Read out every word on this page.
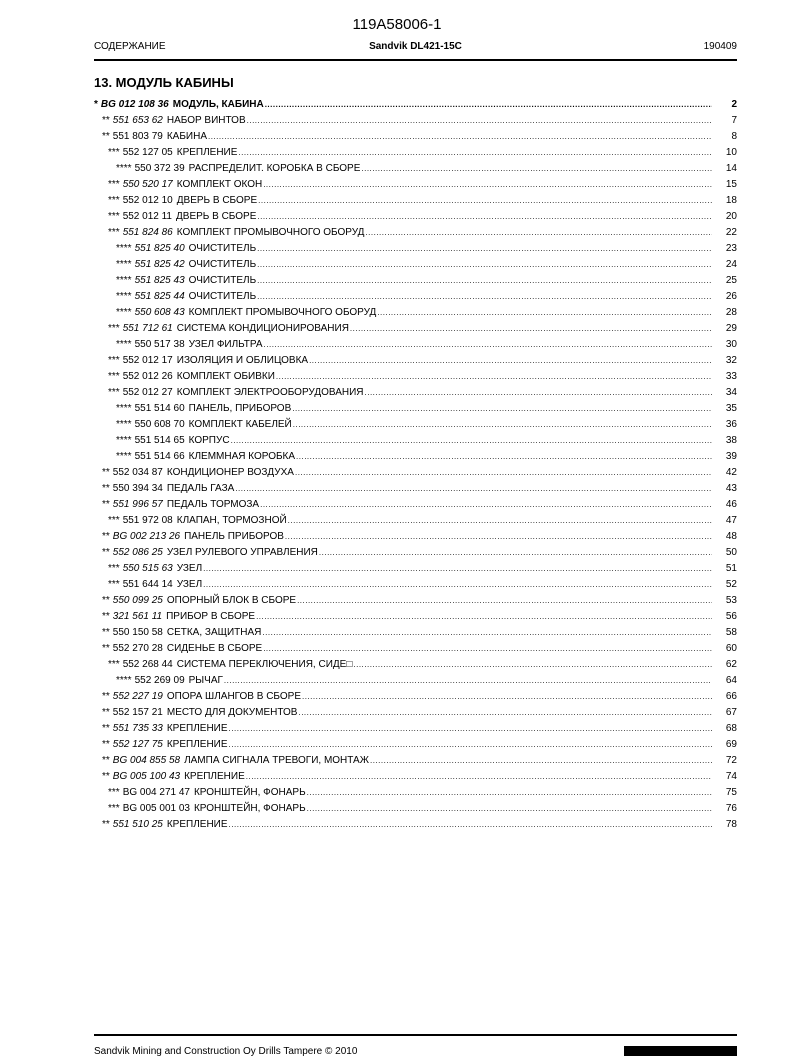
119A58006-1
СОДЕРЖАНИЕ	Sandvik DL421-15C	190409
13. МОДУЛЬ КАБИНЫ
* BG 012 108 36 МОДУЛЬ, КАБИНА .....	2
** 551 653 62 НАБОР ВИНТОВ .....	7
** 551 803 79 КАБИНА .....	8
*** 552 127 05 КРЕПЛЕНИЕ .....	10
**** 550 372 39 РАСПРЕДЕЛИТ. КОРОБКА В СБОРЕ .....	14
*** 550 520 17 КОМПЛЕКТ ОКОН .....	15
*** 552 012 10 ДВЕРЬ В СБОРЕ .....	18
*** 552 012 11 ДВЕРЬ В СБОРЕ .....	20
*** 551 824 86 КОМПЛЕКТ ПРОМЫВОЧНОГО ОБОРУД .....	22
**** 551 825 40 ОЧИСТИТЕЛЬ .....	23
**** 551 825 42 ОЧИСТИТЕЛЬ .....	24
**** 551 825 43 ОЧИСТИТЕЛЬ .....	25
**** 551 825 44 ОЧИСТИТЕЛЬ .....	26
**** 550 608 43 КОМПЛЕКТ ПРОМЫВОЧНОГО ОБОРУД .....	28
*** 551 712 61 СИСТЕМА КОНДИЦИОНИРОВАНИЯ .....	29
**** 550 517 38 УЗЕЛ ФИЛЬТРА .....	30
*** 552 012 17 ИЗОЛЯЦИЯ И ОБЛИЦОВКА .....	32
*** 552 012 26 КОМПЛЕКТ ОБИВКИ .....	33
*** 552 012 27 КОМПЛЕКТ ЭЛЕКТРООБОРУДОВАНИЯ .....	34
**** 551 514 60 ПАНЕЛЬ, ПРИБОРОВ .....	35
**** 550 608 70 КОМПЛЕКТ КАБЕЛЕЙ .....	36
**** 551 514 65 КОРПУС .....	38
**** 551 514 66 КЛЕММНАЯ КОРОБКА .....	39
** 552 034 87 КОНДИЦИОНЕР ВОЗДУХА .....	42
** 550 394 34 ПЕДАЛЬ ГАЗА .....	43
** 551 996 57 ПЕДАЛЬ ТОРМОЗА .....	46
*** 551 972 08 КЛАПАН, ТОРМОЗНОЙ .....	47
** BG 002 213 26 ПАНЕЛЬ ПРИБОРОВ .....	48
** 552 086 25 УЗЕЛ РУЛЕВОГО УПРАВЛЕНИЯ .....	50
*** 550 515 63 УЗЕЛ .....	51
*** 551 644 14 УЗЕЛ .....	52
** 550 099 25 ОПОРНЫЙ БЛОК В СБОРЕ .....	53
** 321 561 11 ПРИБОР В СБОРЕ .....	56
** 550 150 58 СЕТКА, ЗАЩИТНАЯ .....	58
** 552 270 28 СИДЕНЬЕ В СБОРЕ .....	60
*** 552 268 44 СИСТЕМА ПЕРЕКЛЮЧЕНИЯ, СИДЕ□ .....	62
**** 552 269 09 РЫЧАГ .....	64
** 552 227 19 ОПОРА ШЛАНГОВ В СБОРЕ .....	66
** 552 157 21 МЕСТО ДЛЯ ДОКУМЕНТОВ .....	67
** 551 735 33 КРЕПЛЕНИЕ .....	68
** 552 127 75 КРЕПЛЕНИЕ .....	69
** BG 004 855 58 ЛАМПА СИГНАЛА ТРЕВОГИ, МОНТАЖ .....	72
** BG 005 100 43 КРЕПЛЕНИЕ .....	74
*** BG 004 271 47 КРОНШТЕЙН, ФОНАРЬ .....	75
*** BG 005 001 03 КРОНШТЕЙН, ФОНАРЬ .....	76
** 551 510 25 КРЕПЛЕНИЕ .....	78
Sandvik Mining and Construction Oy Drills Tampere © 2010
